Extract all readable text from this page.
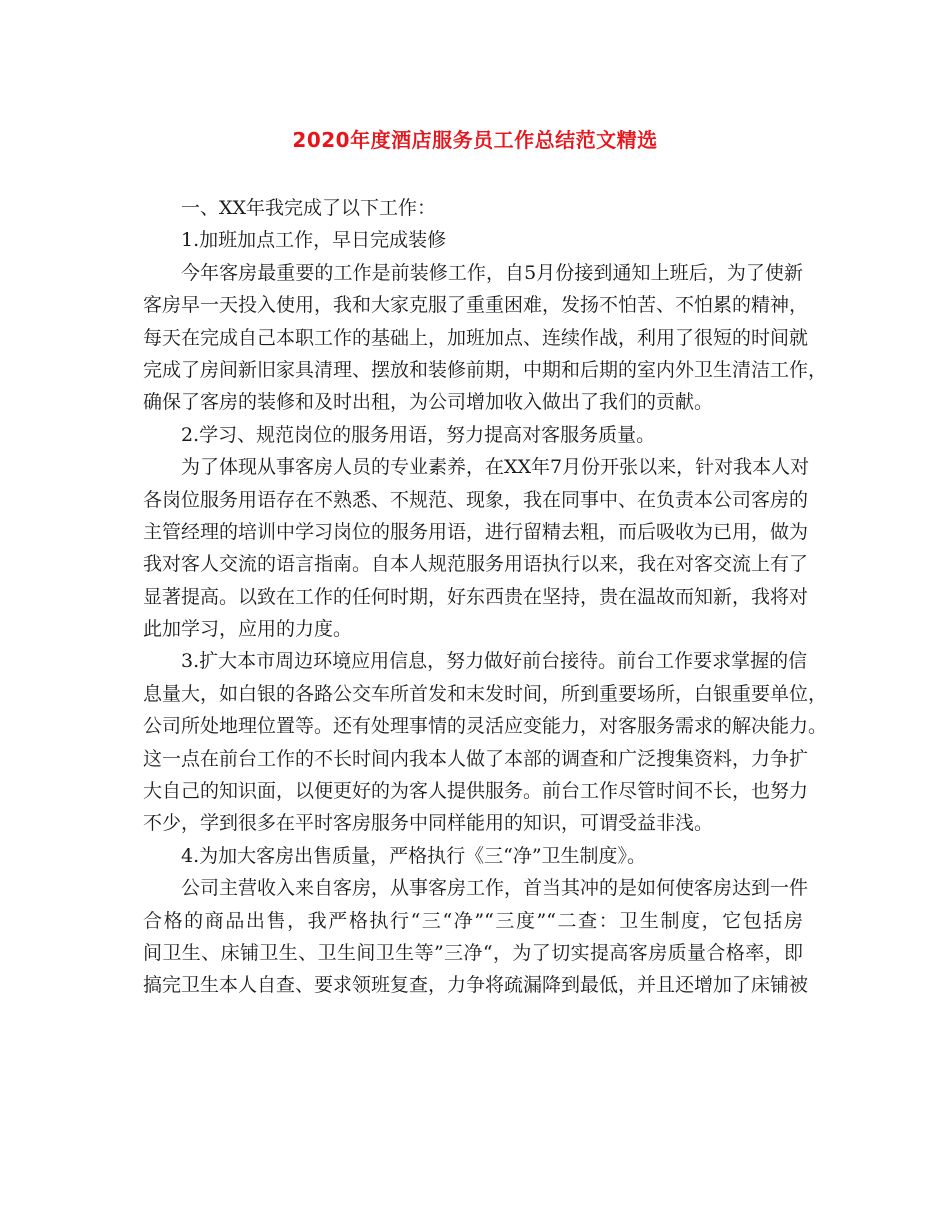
2020年度酒店服务员工作总结范文精选
一、XX年我完成了以下工作：
1.加班加点工作，早日完成装修
今年客房最重要的工作是前装修工作，自5月份接到通知上班后，为了使新
客房早一天投入使用，我和大家克服了重重困难，发扬不怕苦、不怕累的精神，
每天在完成自己本职工作的基础上，加班加点、连续作战，利用了很短的时间就
完成了房间新旧家具清理、摆放和装修前期，中期和后期的室内外卫生清洁工作，
确保了客房的装修和及时出租，为公司增加收入做出了我们的贡献。
2.学习、规范岗位的服务用语，努力提高对客服务质量。
为了体现从事客房人员的专业素养，在XX年7月份开张以来，针对我本人对
各岗位服务用语存在不熟悉、不规范、现象，我在同事中、在负责本公司客房的
主管经理的培训中学习岗位的服务用语，进行留精去粗，而后吸收为已用，做为
我对客人交流的语言指南。自本人规范服务用语执行以来，我在对客交流上有了
显著提高。以致在工作的任何时期，好东西贵在坚持，贵在温故而知新，我将对
此加学习，应用的力度。
3.扩大本市周边环境应用信息，努力做好前台接待。前台工作要求掌握的信
息量大，如白银的各路公交车所首发和末发时间，所到重要场所，白银重要单位，
公司所处地理位置等。还有处理事情的灵活应变能力，对客服务需求的解决能力。
这一点在前台工作的不长时间内我本人做了本部的调查和广泛搜集资料，力争扩
大自己的知识面，以便更好的为客人提供服务。前台工作尽管时间不长，也努力
不少，学到很多在平时客房服务中同样能用的知识，可谓受益非浅。
4.为加大客房出售质量，严格执行《三“净”卫生制度》。
公司主营收入来自客房，从事客房工作，首当其冲的是如何使客房达到一件
合格的商品出售，我严格执行“三“净”“三度”“二查：卫生制度，它包括房
间卫生、床铺卫生、卫生间卫生等”三净“，为了切实提高客房质量合格率，即
搞完卫生本人自查、要求领班复查，力争将疏漏降到最低，并且还增加了床铺被
